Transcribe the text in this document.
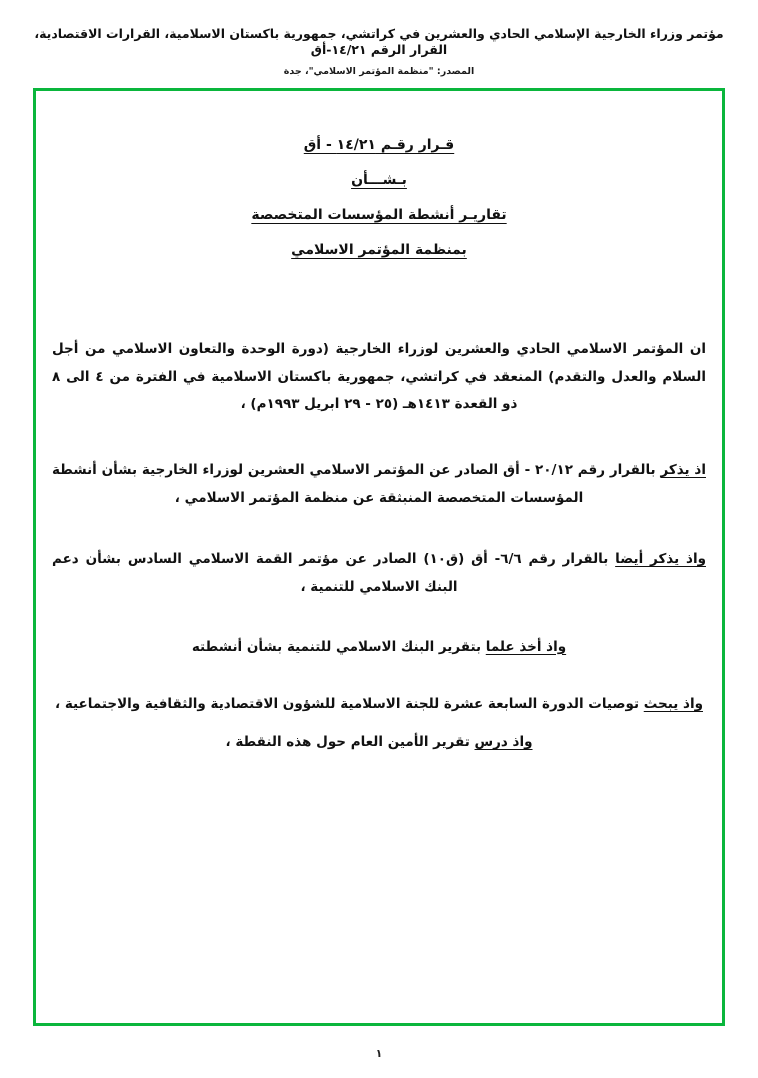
مؤتمر وزراء الخارجية الإسلامي الحادي والعشرين في كراتشي، جمهورية باكستان الاسلامية، القرارات الاقتصادية، القرار الرقم ١٤/٢١-أق
المصدر: "منظمة المؤتمر الاسلامي"، جدة
قـرار رقـم ١٤/٢١ - أق
بـشـــأن
تقاريـر أنشطة المؤسسات المتخصصة
بمنظمة المؤتمر الاسلامي

ان المؤتمر الاسلامي الحادي والعشرين لوزراء الخارجية (دورة الوحدة والتعاون الاسلامي من أجل السلام والعدل والتقدم) المنعقد في كراتشي، جمهورية باكستان الاسلامية في الفترة من ٤ الى ٨ ذو القعدة ١٤١٣هـ (٢٥ - ٢٩ ابريل ١٩٩٣م) ،

اذ يذكر بالقرار رقم ٢٠/١٢ - أق الصادر عن المؤتمر الاسلامي العشرين لوزراء الخارجية بشأن أنشطة المؤسسات المتخصصة المنبثقة عن منظمة المؤتمر الاسلامي ،

واذ يذكر أيضا بالقرار رقم ٦/٦- أق (ق١٠) الصادر عن مؤتمر القمة الاسلامي السادس بشأن دعم البنك الاسلامي للتنمية ،

واذ أخذ علما بتقرير البنك الاسلامي للتنمية بشأن أنشطته

واذ يبحث توصيات الدورة السابعة عشرة للجنة الاسلامية للشؤون الاقتصادية والثقافية والاجتماعية ،

واذ درس تقرير الأمين العام حول هذه النقطة ،

١
